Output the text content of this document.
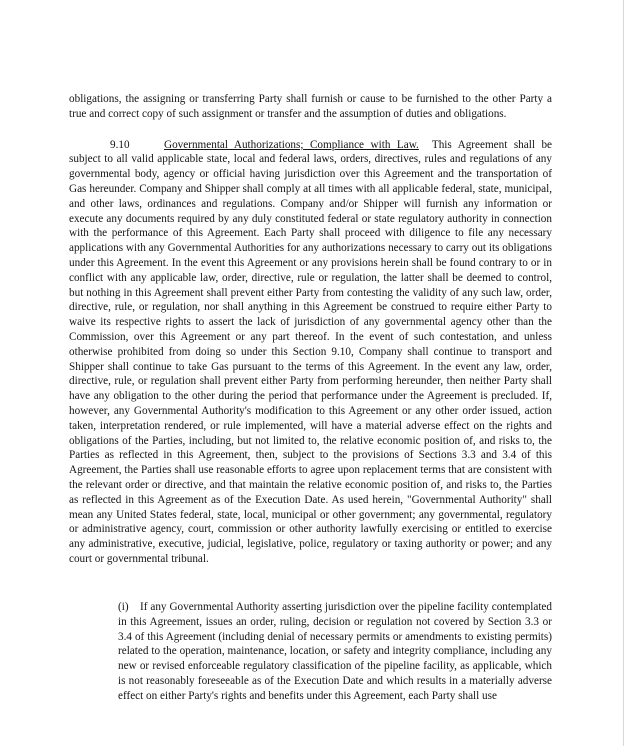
obligations, the assigning or transferring Party shall furnish or cause to be furnished to the other Party a true and correct copy of such assignment or transfer and the assumption of duties and obligations.

9.10	Governmental Authorizations; Compliance with Law. This Agreement shall be subject to all valid applicable state, local and federal laws, orders, directives, rules and regulations of any governmental body, agency or official having jurisdiction over this Agreement and the transportation of Gas hereunder. Company and Shipper shall comply at all times with all applicable federal, state, municipal, and other laws, ordinances and regulations. Company and/or Shipper will furnish any information or execute any documents required by any duly constituted federal or state regulatory authority in connection with the performance of this Agreement. Each Party shall proceed with diligence to file any necessary applications with any Governmental Authorities for any authorizations necessary to carry out its obligations under this Agreement. In the event this Agreement or any provisions herein shall be found contrary to or in conflict with any applicable law, order, directive, rule or regulation, the latter shall be deemed to control, but nothing in this Agreement shall prevent either Party from contesting the validity of any such law, order, directive, rule, or regulation, nor shall anything in this Agreement be construed to require either Party to waive its respective rights to assert the lack of jurisdiction of any governmental agency other than the Commission, over this Agreement or any part thereof. In the event of such contestation, and unless otherwise prohibited from doing so under this Section 9.10, Company shall continue to transport and Shipper shall continue to take Gas pursuant to the terms of this Agreement. In the event any law, order, directive, rule, or regulation shall prevent either Party from performing hereunder, then neither Party shall have any obligation to the other during the period that performance under the Agreement is precluded. If, however, any Governmental Authority's modification to this Agreement or any other order issued, action taken, interpretation rendered, or rule implemented, will have a material adverse effect on the rights and obligations of the Parties, including, but not limited to, the relative economic position of, and risks to, the Parties as reflected in this Agreement, then, subject to the provisions of Sections 3.3 and 3.4 of this Agreement, the Parties shall use reasonable efforts to agree upon replacement terms that are consistent with the relevant order or directive, and that maintain the relative economic position of, and risks to, the Parties as reflected in this Agreement as of the Execution Date. As used herein, "Governmental Authority" shall mean any United States federal, state, local, municipal or other government; any governmental, regulatory or administrative agency, court, commission or other authority lawfully exercising or entitled to exercise any administrative, executive, judicial, legislative, police, regulatory or taxing authority or power; and any court or governmental tribunal.

(i)	If any Governmental Authority asserting jurisdiction over the pipeline facility contemplated in this Agreement, issues an order, ruling, decision or regulation not covered by Section 3.3 or 3.4 of this Agreement (including denial of necessary permits or amendments to existing permits) related to the operation, maintenance, location, or safety and integrity compliance, including any new or revised enforceable regulatory classification of the pipeline facility, as applicable, which is not reasonably foreseeable as of the Execution Date and which results in a materially adverse effect on either Party's rights and benefits under this Agreement, each Party shall use
